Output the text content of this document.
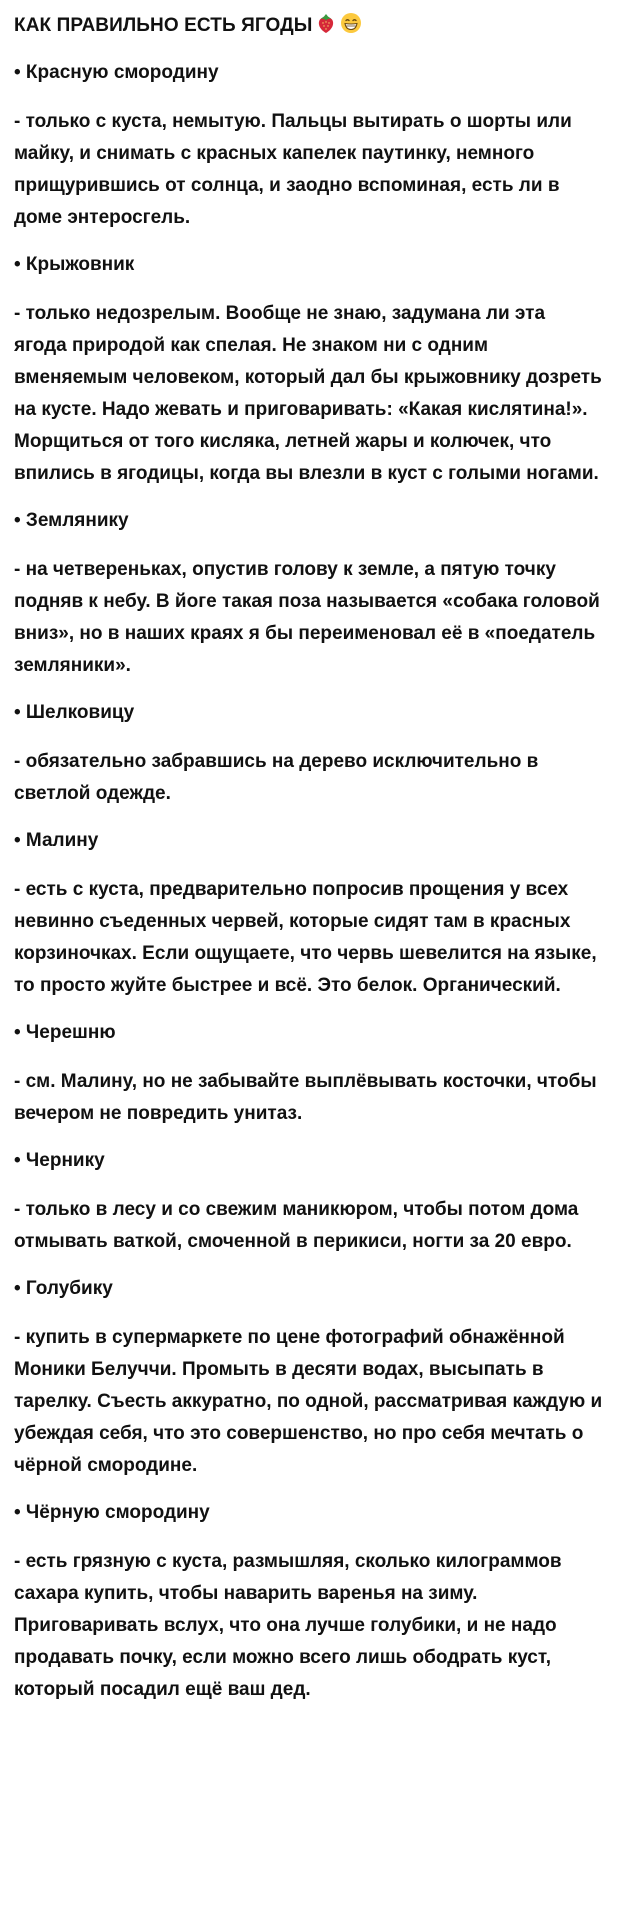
КАК ПРАВИЛЬНО ЕСТЬ ЯГОДЫ
• Красную смородину
- только с куста, немытую. Пальцы вытирать о шорты или майку, и снимать с красных капелек паутинку, немного прищурившись от солнца, и заодно вспоминая, есть ли в доме энтеросгель.
• Крыжовник
- только недозрелым. Вообще не знаю, задумана ли эта ягода природой как спелая. Не знаком ни с одним вменяемым человеком, который дал бы крыжовнику дозреть на кусте. Надо жевать и приговаривать: «Какая кислятина!». Морщиться от того кисляка, летней жары и колючек, что впились в ягодицы, когда вы влезли в куст с голыми ногами.
• Землянику
- на четвереньках, опустив голову к земле, а пятую точку подняв к небу. В йоге такая поза называется «собака головой вниз», но в наших краях я бы переименовал её в «поедатель земляники».
• Шелковицу
- обязательно забравшись на дерево исключительно в светлой одежде.
• Малину
- есть с куста, предварительно попросив прощения у всех невинно съеденных червей, которые сидят там в красных корзиночках. Если ощущаете, что червь шевелится на языке, то просто жуйте быстрее и всё. Это белок. Органический.
• Черешню
- см. Малину, но не забывайте выплёвывать косточки, чтобы вечером не повредить унитаз.
• Чернику
- только в лесу и со свежим маникюром, чтобы потом дома отмывать ваткой, смоченной в перикиси, ногти за 20 евро.
• Голубику
- купить в супермаркете по цене фотографий обнажённой Моники Белуччи. Промыть в десяти водах, высыпать в тарелку. Съесть аккуратно, по одной, рассматривая каждую и убеждая себя, что это совершенство, но про себя мечтать о чёрной смородине.
• Чёрную смородину
- есть грязную с куста, размышляя, сколько килограммов сахара купить, чтобы наварить варенья на зиму. Приговаривать вслух, что она лучше голубики, и не надо продавать почку, если можно всего лишь ободрать куст, который посадил ещё ваш дед.
